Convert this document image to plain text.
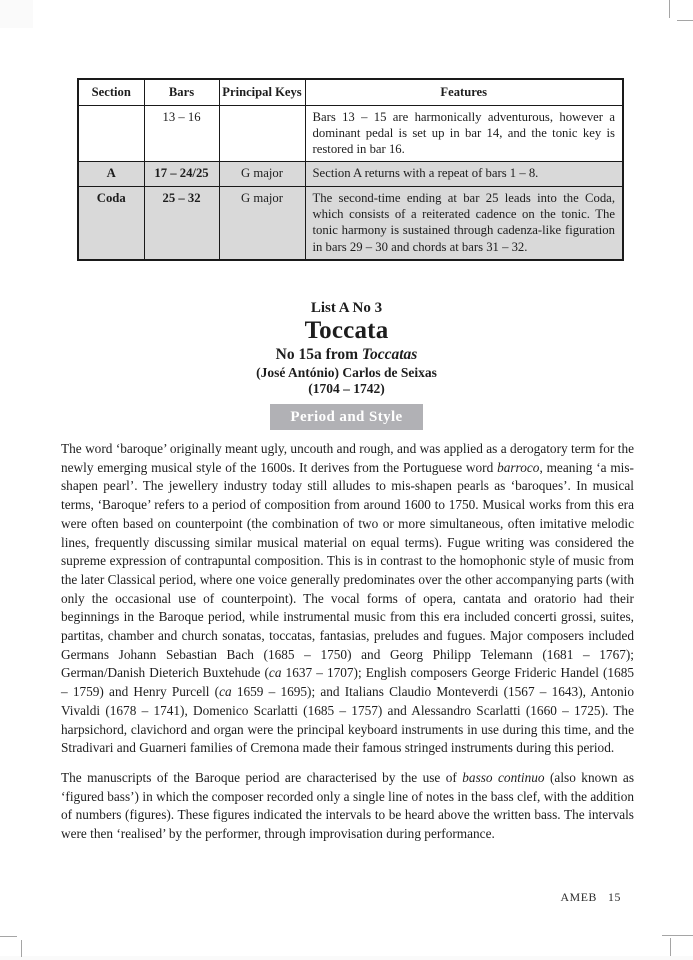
Section	Bars	Principal Keys	Features
	13 – 16		Bars 13 – 15 are harmonically adventurous, however a dominant pedal is set up in bar 14, and the tonic key is restored in bar 16.
A	17 – 24/25	G major	Section A returns with a repeat of bars 1 – 8.
Coda	25 – 32	G major	The second-time ending at bar 25 leads into the Coda, which consists of a reiterated cadence on the tonic. The tonic harmony is sustained through cadenza-like figuration in bars 29 – 30 and chords at bars 31 – 32.
List A No 3
Toccata
No 15a from Toccatas
(José António) Carlos de Seixas
(1704 – 1742)
Period and Style

The word ‘baroque’ originally meant ugly, uncouth and rough, and was applied as a derogatory term for the newly emerging musical style of the 1600s. It derives from the Portuguese word barroco, meaning ‘a mis-shapen pearl’. The jewellery industry today still alludes to mis-shapen pearls as ‘baroques’. In musical terms, ‘Baroque’ refers to a period of composition from around 1600 to 1750. Musical works from this era were often based on counterpoint (the combination of two or more simultaneous, often imitative melodic lines, frequently discussing similar musical material on equal terms). Fugue writing was considered the supreme expression of contrapuntal composition. This is in contrast to the homophonic style of music from the later Classical period, where one voice generally predominates over the other accompanying parts (with only the occasional use of counterpoint). The vocal forms of opera, cantata and oratorio had their beginnings in the Baroque period, while instrumental music from this era included concerti grossi, suites, partitas, chamber and church sonatas, toccatas, fantasias, preludes and fugues. Major composers included Germans Johann Sebastian Bach (1685 – 1750) and Georg Philipp Telemann (1681 – 1767); German/Danish Dieterich Buxtehude (ca 1637 – 1707); English composers George Frideric Handel (1685 – 1759) and Henry Purcell (ca 1659 – 1695); and Italians Claudio Monteverdi (1567 – 1643), Antonio Vivaldi (1678 – 1741), Domenico Scarlatti (1685 – 1757) and Alessandro Scarlatti (1660 – 1725). The harpsichord, clavichord and organ were the principal keyboard instruments in use during this time, and the Stradivari and Guarneri families of Cremona made their famous stringed instruments during this period.

The manuscripts of the Baroque period are characterised by the use of basso continuo (also known as ‘figured bass’) in which the composer recorded only a single line of notes in the bass clef, with the addition of numbers (figures). These figures indicated the intervals to be heard above the written bass. The intervals were then ‘realised’ by the performer, through improvisation during performance.

AMEB 15
